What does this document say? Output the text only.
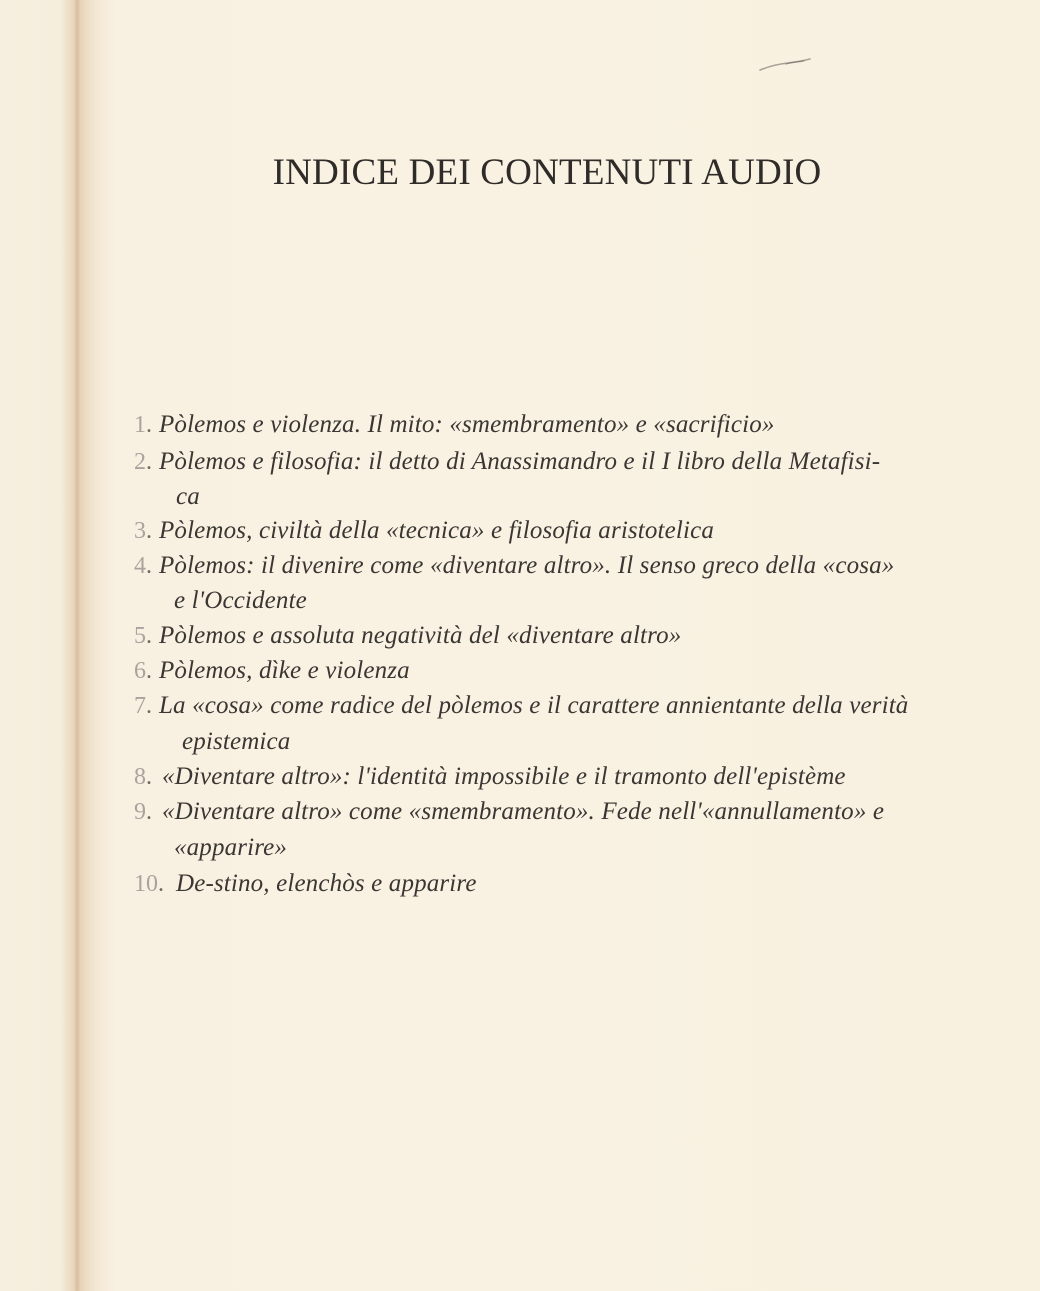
INDICE DEI CONTENUTI AUDIO
1. Pòlemos e violenza. Il mito: «smembramento» e «sacrificio»
2. Pòlemos e filosofia: il detto di Anassimandro e il I libro della Metafisi-
ca
3. Pòlemos, civiltà della «tecnica» e filosofia aristotelica
4. Pòlemos: il divenire come «diventare altro». Il senso greco della «cosa»
e l'Occidente
5. Pòlemos e assoluta negatività del «diventare altro»
6. Pòlemos, dìke e violenza
7. La «cosa» come radice del pòlemos e il carattere annientante della verità
epistemica
8. «Diventare altro»: l'identità impossibile e il tramonto dell'epistème
9. «Diventare altro» come «smembramento». Fede nell'«annullamento» e
«apparire»
10. De-stino, elenchòs e apparire
